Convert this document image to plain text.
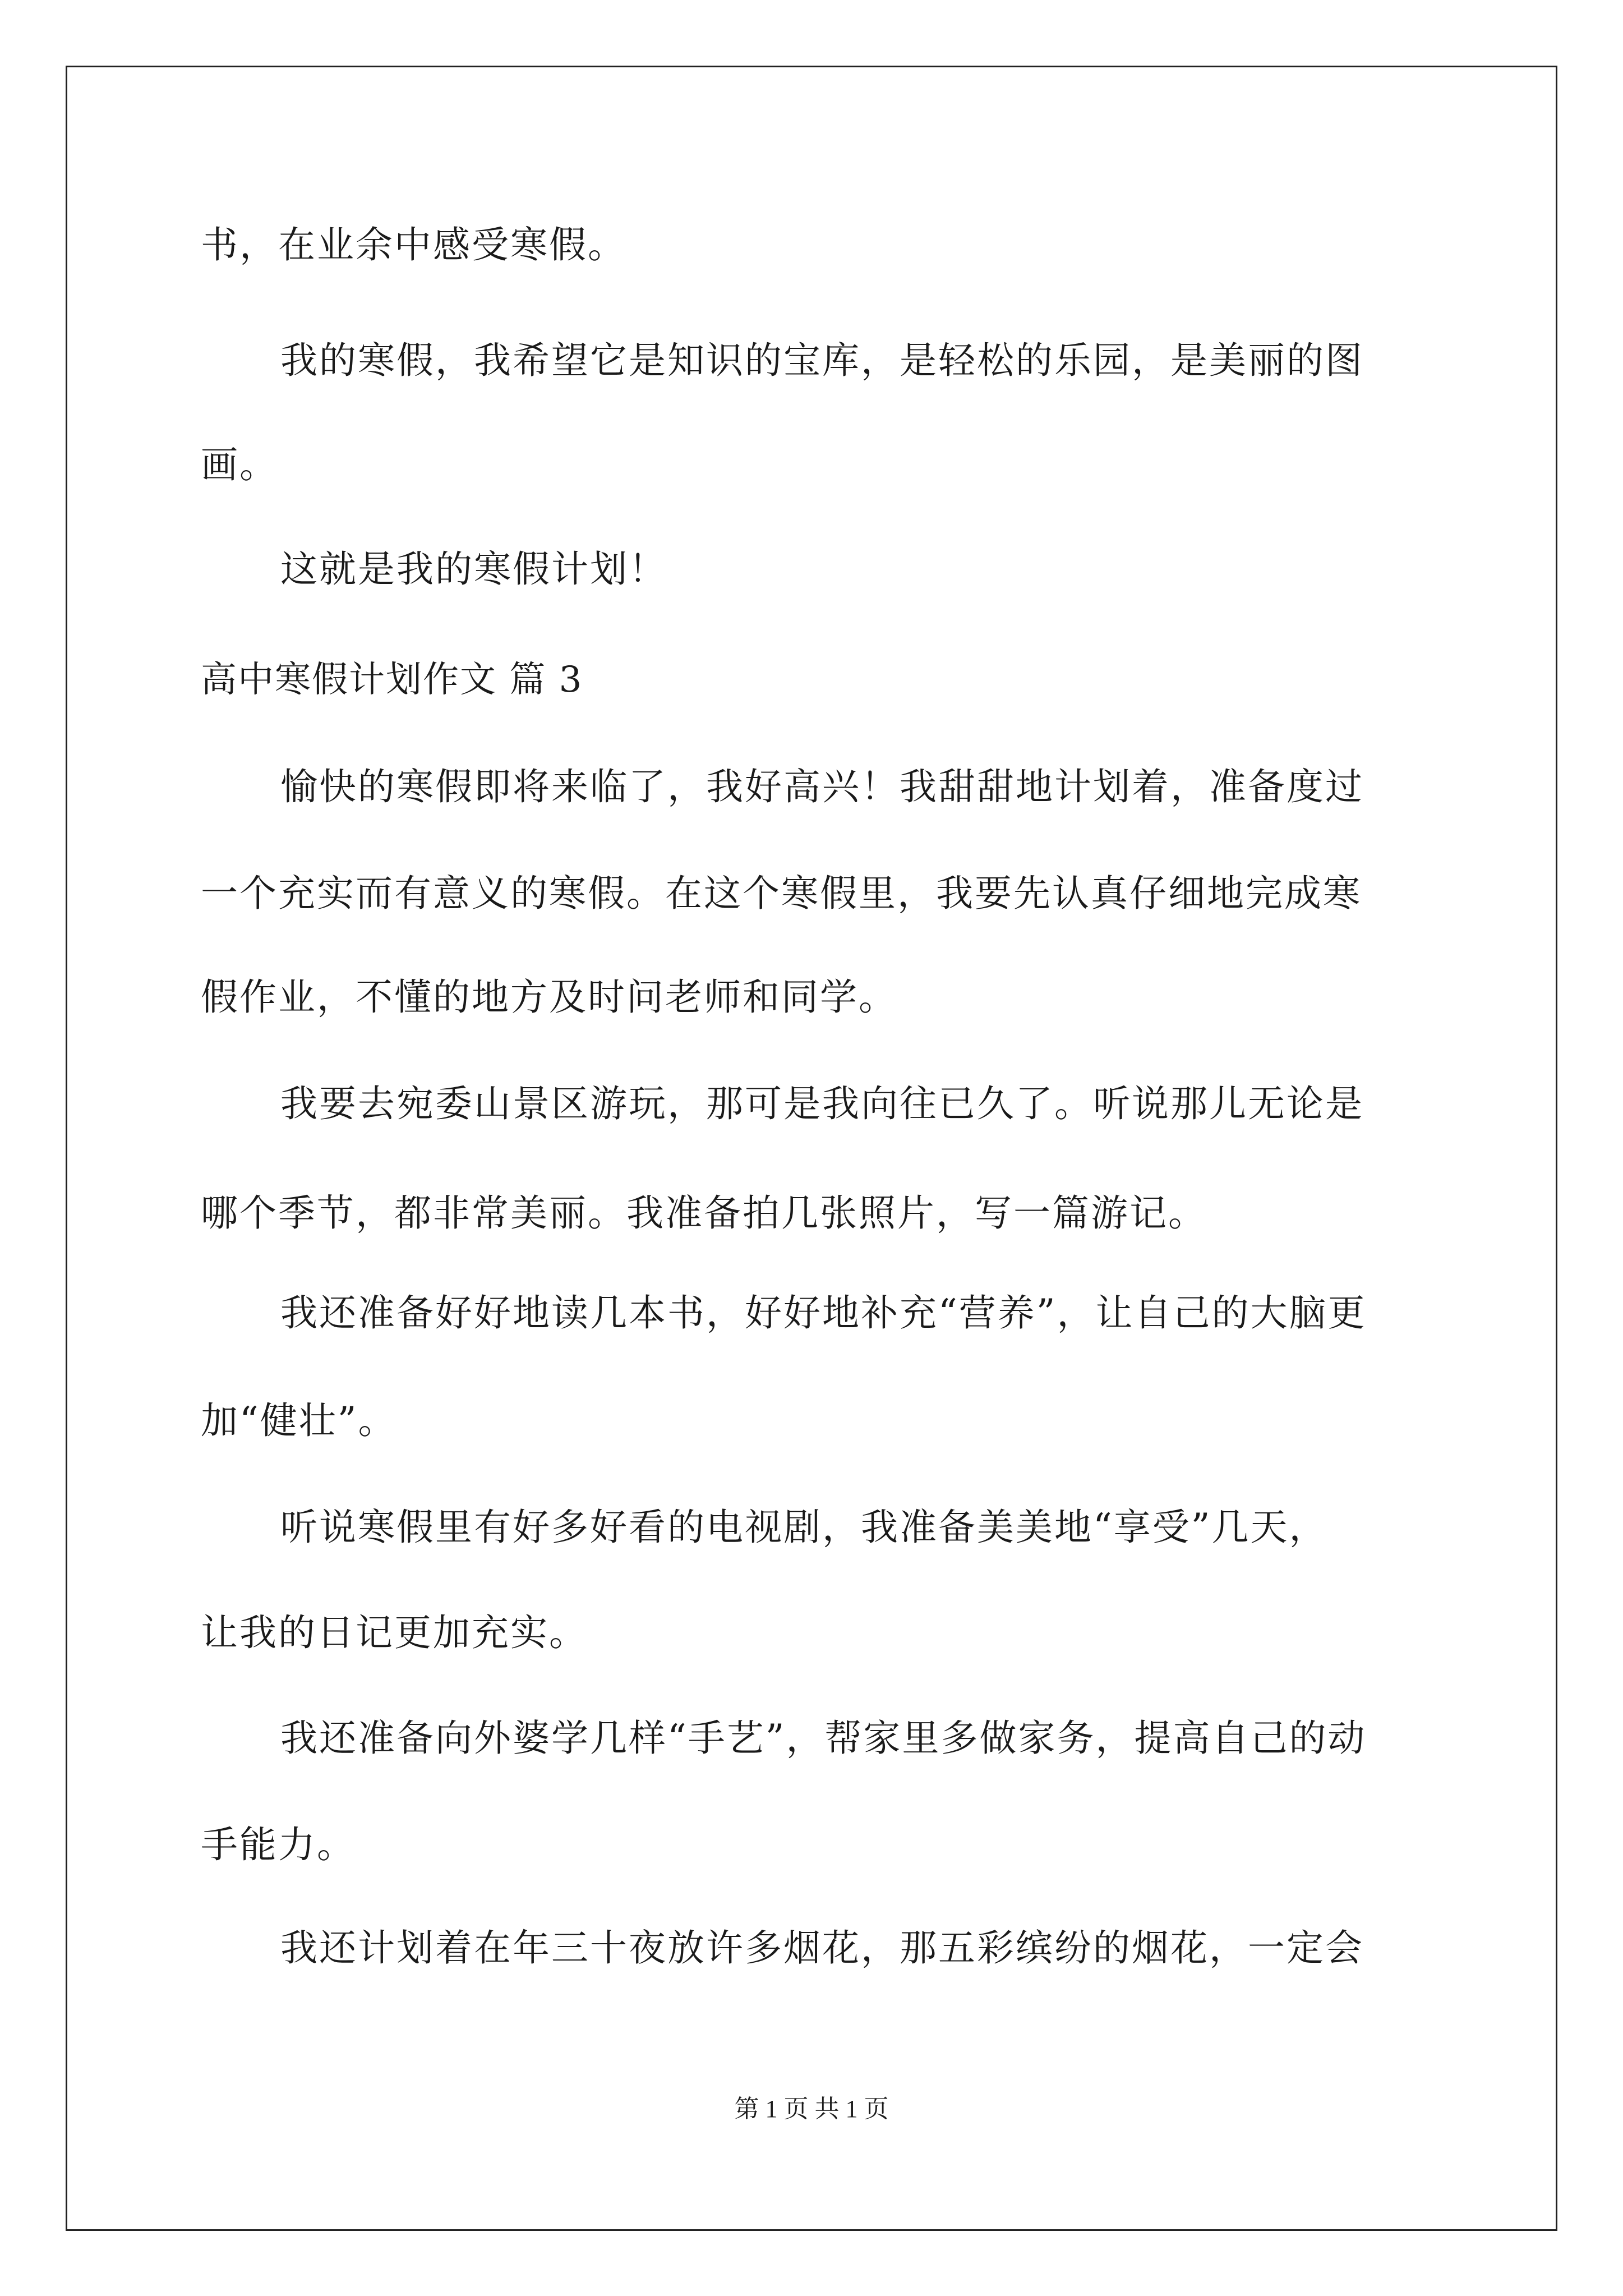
书，在业余中感受寒假。
我的寒假，我希望它是知识的宝库，是轻松的乐园，是美丽的图
画。
这就是我的寒假计划！
高中寒假计划作文 篇 3
愉快的寒假即将来临了，我好高兴！我甜甜地计划着，准备度过
一个充实而有意义的寒假。在这个寒假里，我要先认真仔细地完成寒
假作业，不懂的地方及时问老师和同学。
我要去宛委山景区游玩，那可是我向往已久了。听说那儿无论是
哪个季节，都非常美丽。我准备拍几张照片，写一篇游记。
我还准备好好地读几本书，好好地补充“营养”，让自己的大脑更
加“健壮”。
听说寒假里有好多好看的电视剧，我准备美美地“享受”几天，
让我的日记更加充实。
我还准备向外婆学几样“手艺”，帮家里多做家务，提高自己的动
手能力。
我还计划着在年三十夜放许多烟花，那五彩缤纷的烟花，一定会
第 1 页 共 1 页
